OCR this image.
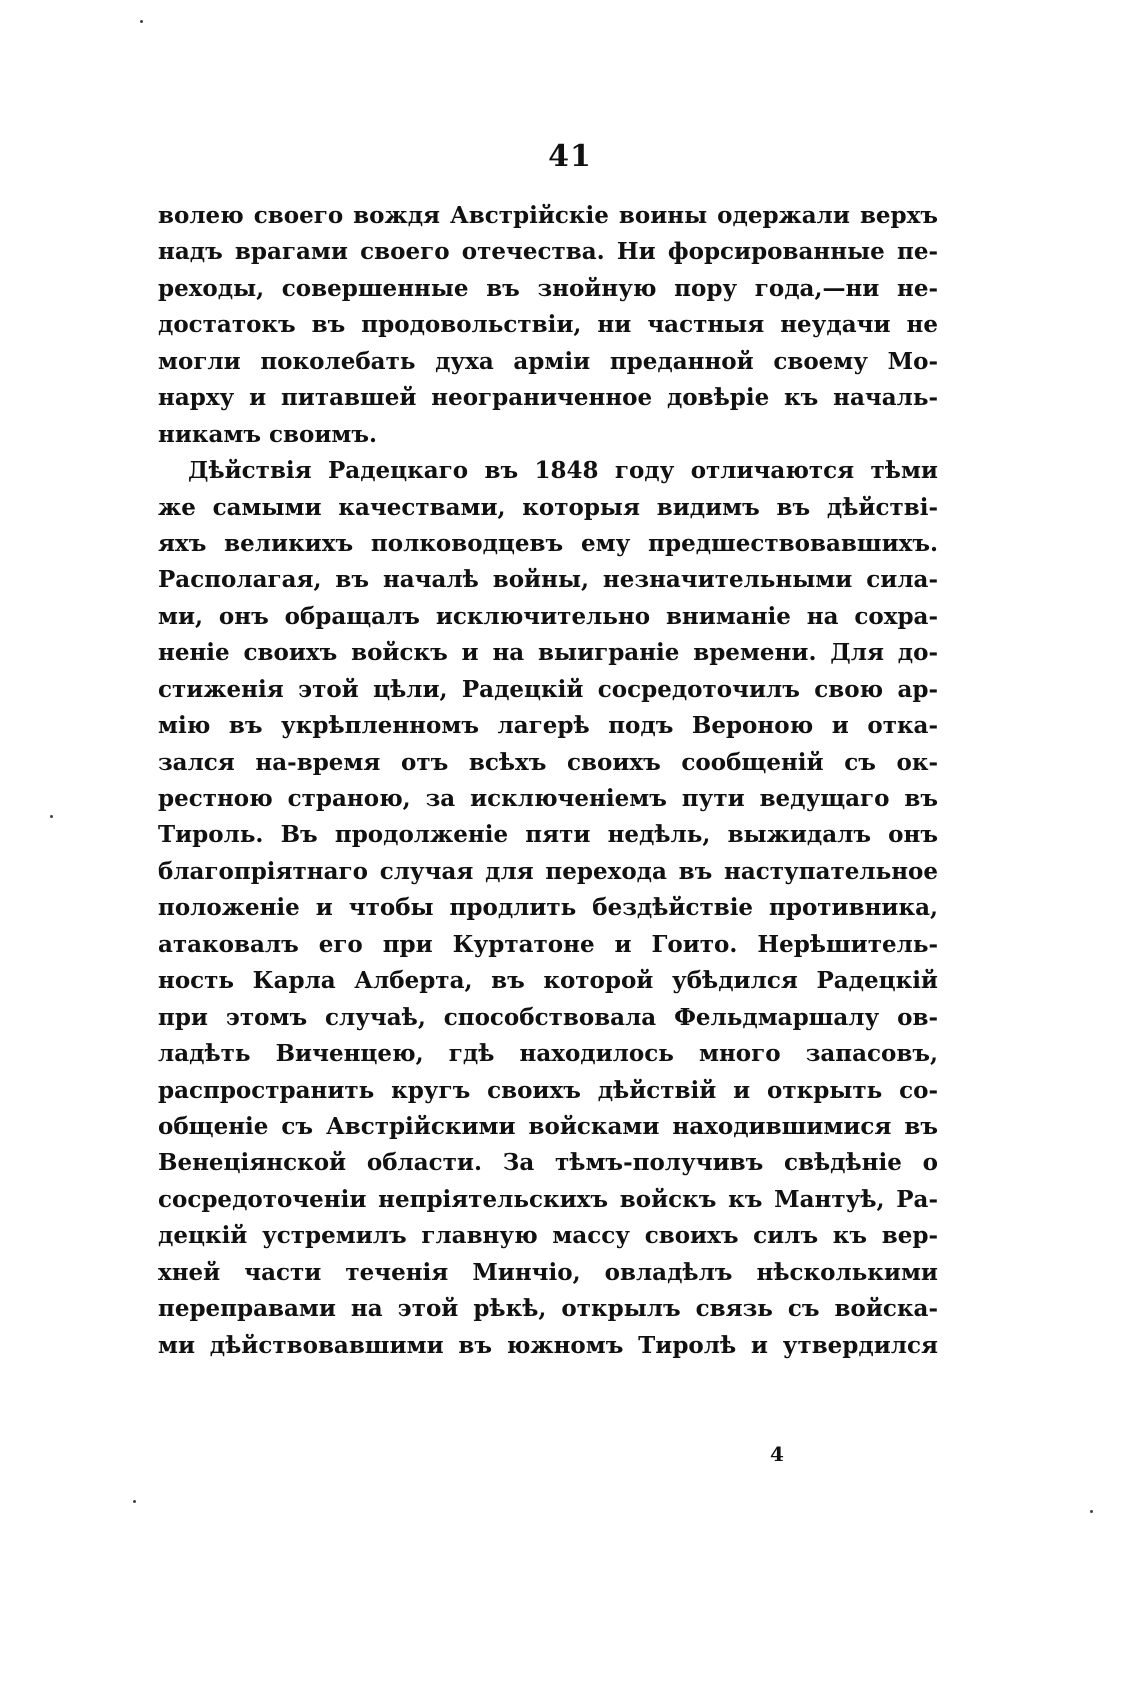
41
волею своего вождя Австрійскіе воины одержали верхъ
надъ врагами своего отечества. Ни форсированные пе-
реходы, совершенные въ знойную пору года,—ни не-
достатокъ въ продовольствіи, ни частныя неудачи не
могли поколебать духа арміи преданной своему Мо-
нарху и питавшей неограниченное довѣріе къ началь-
никамъ своимъ.
Дѣйствія Радецкаго въ 1848 году отличаются тѣми
же самыми качествами, которыя видимъ въ дѣйстві-
яхъ великихъ полководцевъ ему предшествовавшихъ.
Располагая, въ началѣ войны, незначительными сила-
ми, онъ обращалъ исключительно вниманіе на сохра-
неніе своихъ войскъ и на выиграніе времени. Для до-
стиженія этой цѣли, Радецкій сосредоточилъ свою ар-
мію въ укрѣпленномъ лагерѣ подъ Вероною и отка-
зался на-время отъ всѣхъ своихъ сообщеній съ ок-
рестною страною, за исключеніемъ пути ведущаго въ
Тироль. Въ продолженіе пяти недѣль, выжидалъ онъ
благопріятнаго случая для перехода въ наступательное
положеніе и чтобы продлить бездѣйствіе противника,
атаковалъ его при Куртатоне и Гоито. Нерѣшитель-
ность Карла Алберта, въ которой убѣдился Радецкій
при этомъ случаѣ, способствовала Фельдмаршалу ов-
ладѣть Виченцею, гдѣ находилось много запасовъ,
распространить кругъ своихъ дѣйствій и открыть со-
общеніе съ Австрійскими войсками находившимися въ
Венеціянской области. За тѣмъ-получивъ свѣдѣніе о
сосредоточеніи непріятельскихъ войскъ къ Мантуѣ, Ра-
децкій устремилъ главную массу своихъ силъ къ вер-
хней части теченія Минчіо, овладѣлъ нѣсколькими
переправами на этой рѣкѣ, открылъ связь съ войска-
ми дѣйствовавшими въ южномъ Тиролѣ и утвердился
4
